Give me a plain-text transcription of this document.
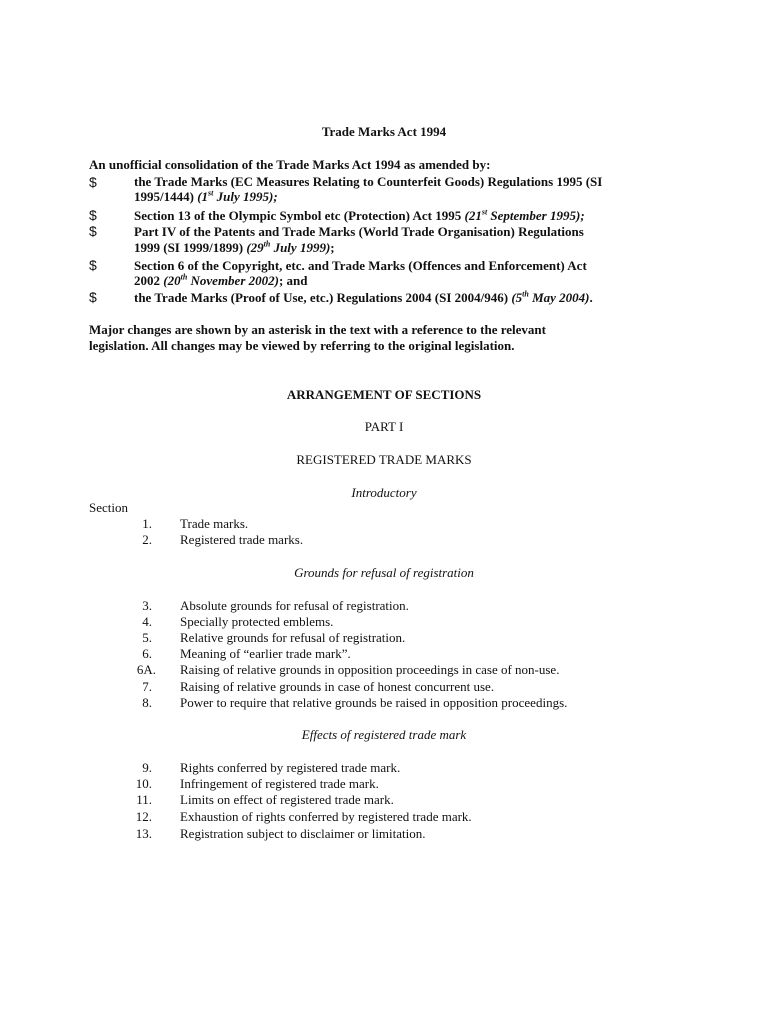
Trade Marks Act 1994
An unofficial consolidation of the Trade Marks Act 1994 as amended by:
$	the Trade Marks (EC Measures Relating to Counterfeit Goods) Regulations 1995 (SI
1995/1444) (1st July 1995);
$	Section 13 of the Olympic Symbol etc (Protection) Act 1995 (21st September 1995);
$	Part IV of the Patents and Trade Marks (World Trade Organisation) Regulations
1999 (SI 1999/1899) (29th July 1999);
$	Section 6 of the Copyright, etc. and Trade Marks (Offences and Enforcement) Act
2002 (20th November 2002); and
$	the Trade Marks (Proof of Use, etc.) Regulations 2004 (SI 2004/946) (5th May 2004).
Major changes are shown by an asterisk in the text with a reference to the relevant
legislation. All changes may be viewed by referring to the original legislation.
ARRANGEMENT OF SECTIONS
PART I
REGISTERED TRADE MARKS
Introductory
Section
1. Trade marks.
2. Registered trade marks.
Grounds for refusal of registration
3. Absolute grounds for refusal of registration.
4. Specially protected emblems.
5. Relative grounds for refusal of registration.
6. Meaning of “earlier trade mark”.
6A. Raising of relative grounds in opposition proceedings in case of non-use.
7. Raising of relative grounds in case of honest concurrent use.
8. Power to require that relative grounds be raised in opposition proceedings.
Effects of registered trade mark
9. Rights conferred by registered trade mark.
10. Infringement of registered trade mark.
11. Limits on effect of registered trade mark.
12. Exhaustion of rights conferred by registered trade mark.
13. Registration subject to disclaimer or limitation.
